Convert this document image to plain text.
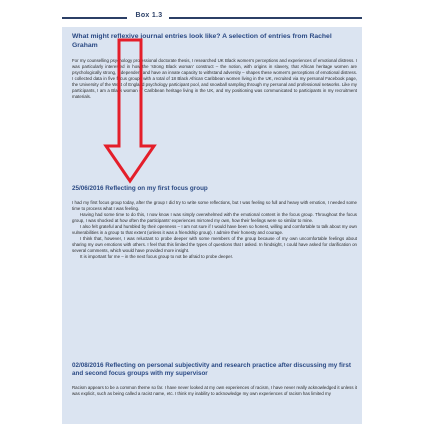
Box 1.3
What might reflexive journal entries look like? A selection of entries from Rachel Graham

For my counselling psychology professional doctorate thesis, I researched UK Black women's perceptions and experiences of emotional distress. I was particularly interested in how the 'strong Black woman' construct – the notion, with origins in slavery, that African heritage women are psychologically strong, independent and have an innate capacity to withstand adversity – shapes these women's perceptions of emotional distress. I collected data in five focus groups with a total of 18 Black African Caribbean women living in the UK, recruited via my personal Facebook page, the University of the West of England psychology participant pool, and snowball sampling through my personal and professional networks. Like my participants, I am a Black woman of Caribbean heritage living in the UK, and my positioning was communicated to participants in my recruitment materials.

25/06/2016 Reflecting on my first focus group

I had my first focus group today, after the group I did try to write some reflections, but I was feeling so full and heavy with emotion, I needed some time to process what I was feeling.

Having had some time to do this, I now know I was simply overwhelmed with the emotional content in the focus group. Throughout the focus group, I was shocked at how often the participants' experiences mirrored my own, how their feelings were so similar to mine.

I also felt grateful and humbled by their openness – I am not sure if I would have been so honest, willing and comfortable to talk about my own vulnerabilities in a group to that extent (unless it was a friendship group). I admire their honesty and courage.

I think that, however, I was reluctant to probe deeper with some members of the group because of my own uncomfortable feelings about sharing my own emotions with others. I feel that this limited the types of questions that I asked. In hindsight, I could have asked for clarification on several comments, which would have provided more insight.

It is important for me – in the next focus group to not be afraid to probe deeper.

02/08/2016 Reflecting on personal subjectivity and research practice after discussing my first and second focus groups with my supervisor

Racism appears to be a common theme so far. I have never looked at my own experiences of racism, I have never really acknowledged it unless it was explicit, such as being called a racist name, etc. I think my inability to acknowledge my own experiences of racism has limited my
